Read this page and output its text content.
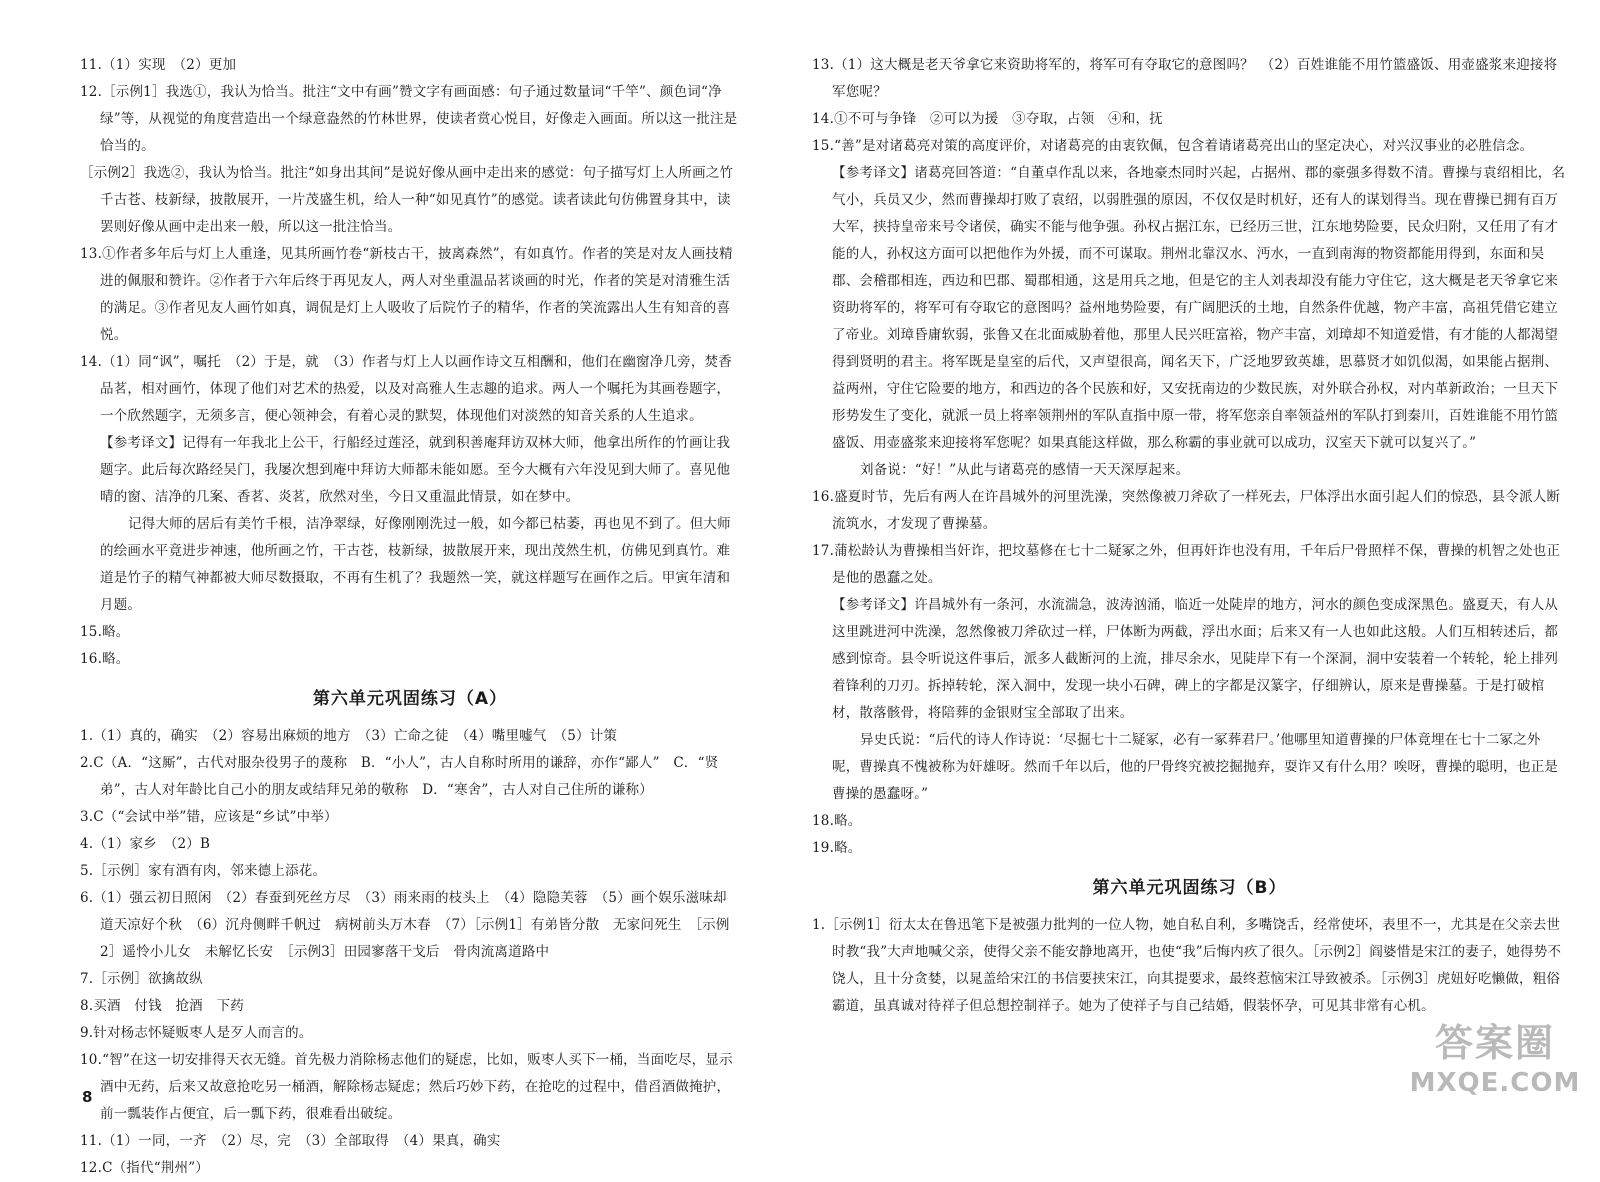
11.（1）实现　（2）更加

12.［示例1］我选①，我认为恰当。批注“文中有画”赞文字有画面感：句子通过数量词“千竿”、颜色词“净绿”等，从视觉的角度营造出一个绿意盎然的竹林世界，使读者赏心悦目，好像走入画面。所以这一批注是恰当的。

［示例2］我选②，我认为恰当。批注“如身出其间”是说好像从画中走出来的感觉：句子描写灯上人所画之竹千古苍、枝新绿，披散展开，一片茂盛生机，给人一种“如见真竹”的感觉。读者读此句仿佛置身其中，读罢则好像从画中走出来一般，所以这一批注恰当。

13.①作者多年后与灯上人重逢，见其所画竹卷“新枝古干，披离森然”，有如真竹。作者的笑是对友人画技精进的佩服和赞许。②作者于六年后终于再见友人，两人对坐重温品茗谈画的时光，作者的笑是对清雅生活的满足。③作者见友人画竹如真，调侃是灯上人吸收了后院竹子的精华，作者的笑流露出人生有知音的喜悦。

14.（1）同“讽”，嘱托　（2）于是，就　（3）作者与灯上人以画作诗文互相酬和，他们在幽窗净几旁，焚香品茗，相对画竹，体现了他们对艺术的热爱，以及对高雅人生志趣的追求。两人一个嘱托为其画卷题字，一个欣然题字，无须多言，便心领神会，有着心灵的默契，体现他们对淡然的知音关系的人生追求。

【参考译文】记得有一年我北上公干，行船经过莲泾，就到积善庵拜访双林大师，他拿出所作的竹画让我题字。此后每次路经吴门，我屡次想到庵中拜访大师都未能如愿。至今大概有六年没见到大师了。喜见他晴的窗、洁净的几案、香茗、炎茗，欣然对坐，今日又重温此情景，如在梦中。

记得大师的居后有美竹千根，洁净翠绿，好像刚刚洗过一般，如今都已枯萎，再也见不到了。但大师的绘画水平竟进步神速，他所画之竹，干古苍，枝新绿，披散展开来，现出茂然生机，仿佛见到真竹。难道是竹子的精气神都被大师尽数摄取，不再有生机了？我题然一笑，就这样题写在画作之后。甲寅年清和月题。

15.略。

16.略。

第六单元巩固练习（A）

1.（1）真的，确实　（2）容易出麻烦的地方　（3）亡命之徒　（4）嘴里嘘气　（5）计策

2.C（A．“这厮”，古代对服杂役男子的蔑称　B．“小人”，古人自称时所用的谦辞，亦作“鄙人”　C．“贤弟”，古人对年龄比自己小的朋友或结拜兄弟的敬称　D．“寒舍”，古人对自己住所的谦称）

3.C（“会试中举”错，应该是“乡试”中举）

4.（1）家乡　（2）B

5.［示例］家有酒有肉，邻来德上添花。

6.（1）强云初日照闲　（2）春蚕到死丝方尽　（3）雨来雨的枝头上　（4）隐隐芙蓉　（5）画个娱乐滋味却道天凉好个秋　（6）沉舟侧畔千帆过　病树前头万木春　（7）［示例1］有弟皆分散　无家问死生　［示例2］遥怜小儿女　未解忆长安　［示例3］田园寥落干戈后　骨肉流离道路中

7.［示例］欲擒故纵

8.买酒　付钱　抢酒　下药

9.针对杨志怀疑贩枣人是歹人而言的。

10.“智”在这一切安排得天衣无缝。首先极力消除杨志他们的疑虑，比如，贩枣人买下一桶，当面吃尽，显示酒中无药，后来又故意抢吃另一桶酒，解除杨志疑虑；然后巧妙下药，在抢吃的过程中，借舀酒做掩护，前一瓢装作占便宜，后一瓢下药，很难看出破绽。

11.（1）一同，一齐　（2）尽，完　（3）全部取得　（4）果真，确实

12.C（指代“荆州”）

8

13.（1）这大概是老天爷拿它来资助将军的，将军可有夺取它的意图吗？　（2）百姓谁能不用竹篮盛饭、用壶盛浆来迎接将军您呢？

14.①不可与争锋　②可以为援　③夺取，占领　④和，抚

15.“善”是对诸葛亮对策的高度评价，对诸葛亮的由衷钦佩，包含着请诸葛亮出山的坚定决心，对兴汉事业的必胜信念。

【参考译文】诸葛亮回答道：“自董卓作乱以来，各地豪杰同时兴起，占据州、郡的豪强多得数不清。曹操与袁绍相比，名气小，兵员又少，然而曹操却打败了袁绍，以弱胜强的原因，不仅仅是时机好，还有人的谋划得当。现在曹操已拥有百万大军，挟持皇帝来号令诸侯，确实不能与他争强。孙权占据江东，已经历三世，江东地势险要，民众归附，又任用了有才能的人，孙权这方面可以把他作为外援，而不可谋取。荆州北靠汉水、沔水，一直到南海的物资都能用得到，东面和吴郡、会稽郡相连，西边和巴郡、蜀郡相通，这是用兵之地，但是它的主人刘表却没有能力守住它，这大概是老天爷拿它来资助将军的，将军可有夺取它的意图吗？益州地势险要，有广阔肥沃的土地，自然条件优越，物产丰富，高祖凭借它建立了帝业。刘璋昏庸软弱，张鲁又在北面威胁着他，那里人民兴旺富裕，物产丰富，刘璋却不知道爱惜，有才能的人都渴望得到贤明的君主。将军既是皇室的后代，又声望很高，闻名天下，广泛地罗致英雄，思慕贤才如饥似渴，如果能占据荆、益两州，守住它险要的地方，和西边的各个民族和好，又安抚南边的少数民族，对外联合孙权，对内革新政治；一旦天下形势发生了变化，就派一员上将率领荆州的军队直指中原一带，将军您亲自率领益州的军队打到秦川，百姓谁能不用竹篮盛饭、用壶盛浆来迎接将军您呢？如果真能这样做，那么称霸的事业就可以成功，汉室天下就可以复兴了。”

刘备说：“好！”从此与诸葛亮的感情一天天深厚起来。

16.盛夏时节，先后有两人在许昌城外的河里洗澡，突然像被刀斧砍了一样死去，尸体浮出水面引起人们的惊恐，县令派人断流筑水，才发现了曹操墓。

17.蒲松龄认为曹操相当奸诈，把坟墓修在七十二疑冢之外，但再奸诈也没有用，千年后尸骨照样不保，曹操的机智之处也正是他的愚蠢之处。

【参考译文】许昌城外有一条河，水流湍急，波涛汹涌，临近一处陡岸的地方，河水的颜色变成深黑色。盛夏天，有人从这里跳进河中洗澡，忽然像被刀斧砍过一样，尸体断为两截，浮出水面；后来又有一人也如此这般。人们互相转述后，都感到惊奇。县令听说这件事后，派多人截断河的上流，排尽余水，见陡岸下有一个深洞，洞中安装着一个转轮，轮上排列着锋利的刀刃。拆掉转轮，深入洞中，发现一块小石碑，碑上的字都是汉篆字，仔细辨认，原来是曹操墓。于是打破棺材，散落骸骨，将陪葬的金银财宝全部取了出来。

异史氏说：“后代的诗人作诗说：‘尽掘七十二疑冢，必有一冢葬君尸。’他哪里知道曹操的尸体竟埋在七十二冢之外呢，曹操真不愧被称为奸雄呀。然而千年以后，他的尸骨终究被挖掘抛弃，耍诈又有什么用？唉呀，曹操的聪明，也正是曹操的愚蠢呀。”

18.略。

19.略。

第六单元巩固练习（B）

1.［示例1］衍太太在鲁迅笔下是被强力批判的一位人物，她自私自利，多嘴饶舌，经常使坏，表里不一，尤其是在父亲去世时教“我”大声地喊父亲，使得父亲不能安静地离开，也使“我”后悔内疚了很久。［示例2］阎婆惜是宋江的妻子，她得势不饶人，且十分贪婪，以晁盖给宋江的书信要挟宋江，向其提要求，最终惹恼宋江导致被杀。［示例3］虎妞好吃懒做，粗俗霸道，虽真诚对待祥子但总想控制祥子。她为了使祥子与自己结婚，假装怀孕，可见其非常有心机。

答案圈
MXQE.COM
